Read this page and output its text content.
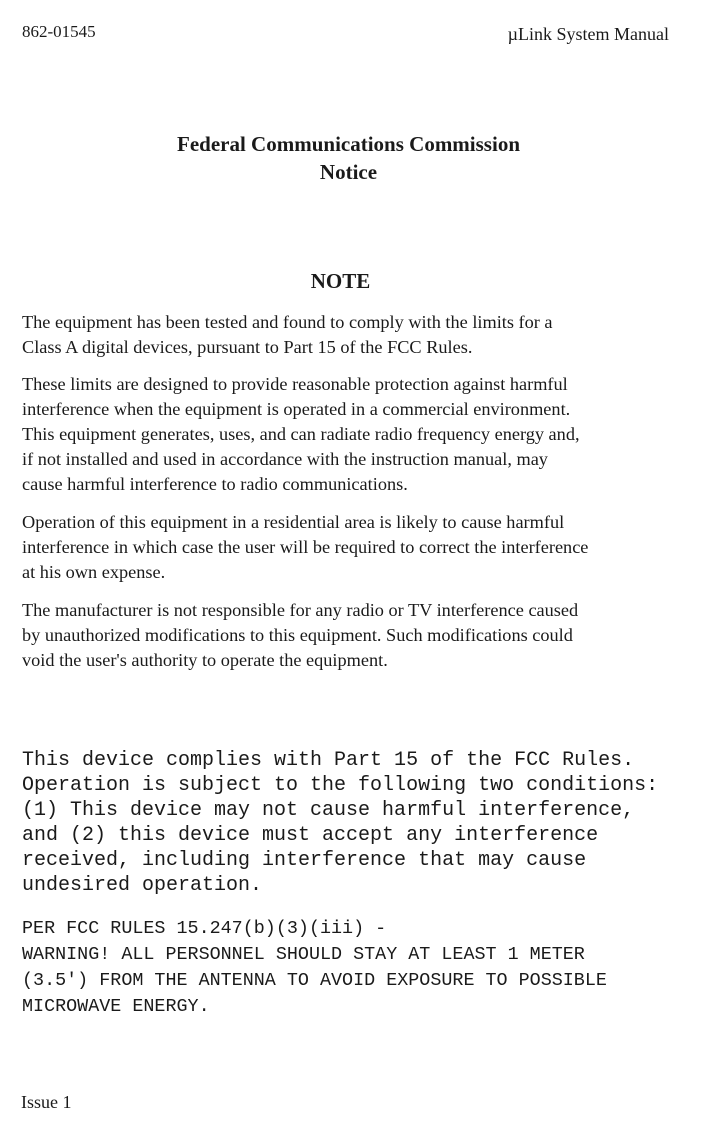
862-01545	µLink System Manual
Federal Communications Commission
Notice
NOTE
The equipment has been tested and found to comply with the limits for a
Class A digital devices, pursuant to Part 15 of the FCC Rules.
These limits are designed to provide reasonable protection against harmful
interference when the equipment is operated in a commercial environment.
This equipment generates, uses, and can radiate radio frequency energy and,
if not installed and used in accordance with the instruction manual, may
cause harmful interference to radio communications.
Operation of this equipment in a residential area is likely to cause harmful
interference in which case the user will be required to correct the interference
at his own expense.
The manufacturer is not responsible for any radio or TV interference caused
by unauthorized modifications to this equipment. Such modifications could
void the user's authority to operate the equipment.
This device complies with Part 15 of the FCC Rules.
Operation is subject to the following two conditions:
(1) This device may not cause harmful interference,
and (2) this device must accept any interference
received, including interference that may cause
undesired operation.
PER FCC RULES 15.247(b)(3)(iii) -
WARNING! ALL PERSONNEL SHOULD STAY AT LEAST 1 METER
(3.5') FROM THE ANTENNA TO AVOID EXPOSURE TO POSSIBLE
MICROWAVE ENERGY.
Issue 1
